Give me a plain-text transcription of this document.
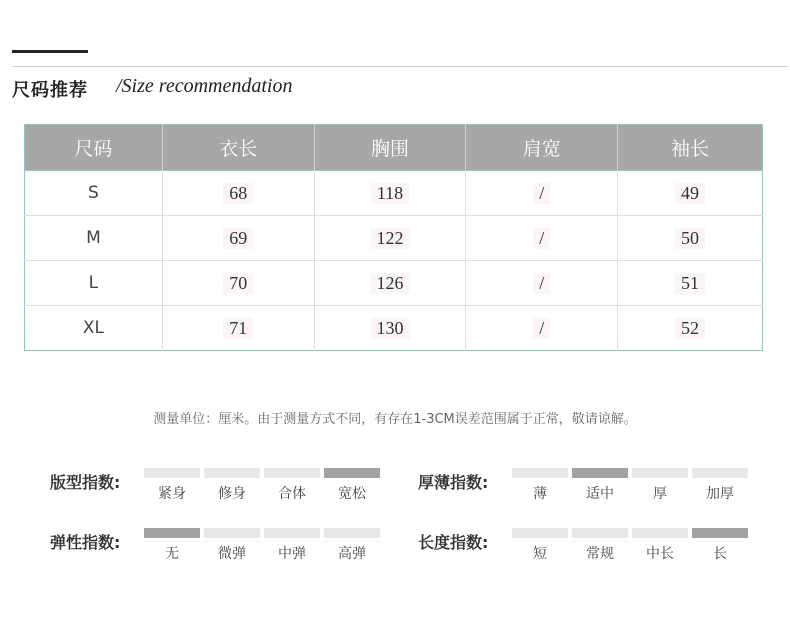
尺码推荐 /Size recommendation
尺码	衣长	胸围	肩宽	袖长
S	68	118	/	49
M	69	122	/	50
L	70	126	/	51
XL	71	130	/	52
测量单位：厘米。由于测量方式不同，有存在1-3CM误差范围属于正常，敬请谅解。
版型指数:
紧身	修身	合体	宽松
厚薄指数:
薄	适中	厚	加厚
弹性指数:
无	微弹	中弹	高弹
长度指数:
短	常规	中长	长
